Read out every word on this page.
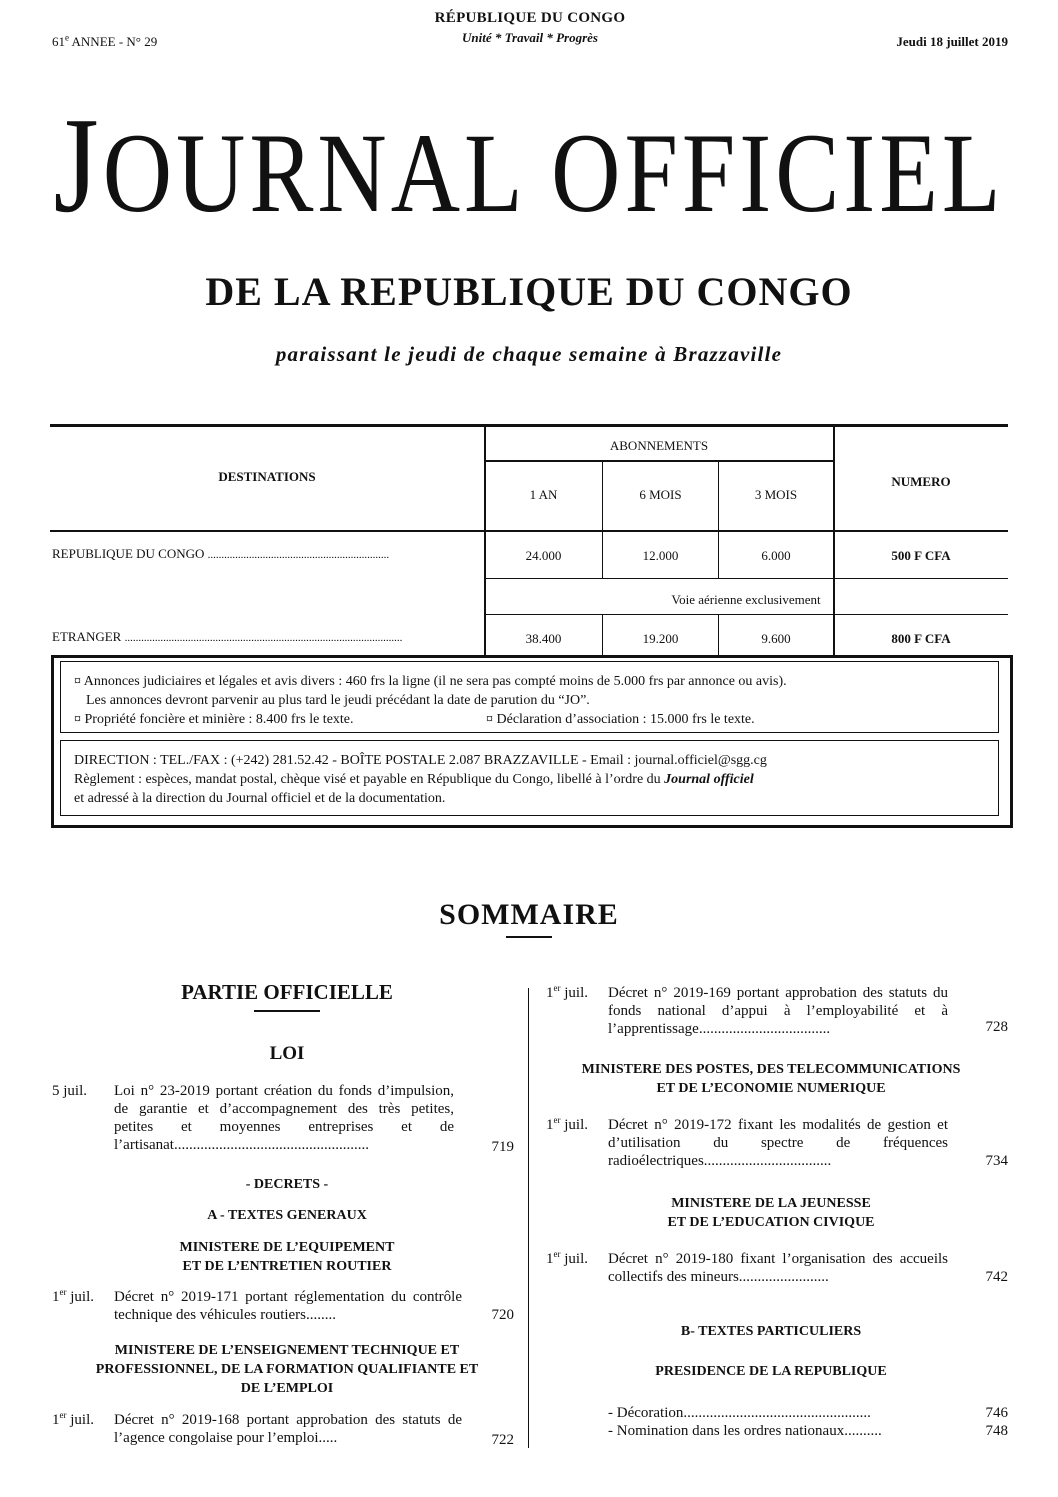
61e ANNEE - N° 29
RÉPUBLIQUE DU CONGO
Unité * Travail * Progrès	Jeudi 18 juillet 2019
JOURNAL OFFICIEL
DE LA REPUBLIQUE DU CONGO
paraissant le jeudi de chaque semaine à Brazzaville
ABONNEMENTS
DESTINATIONS	NUMERO
1 AN	6 MOIS	3 MOIS
REPUBLIQUE DU CONGO ..................................................................	24.000	12.000	6.000	500 F CFA
Voie aérienne exclusivement
ETRANGER .....................................................................................................	38.400	19.200	9.600	800 F CFA
¤ Annonces judiciaires et légales et avis divers : 460 frs la ligne (il ne sera pas compté moins de 5.000 frs par annonce ou avis).
Les annonces devront parvenir au plus tard le jeudi précédant la date de parution du “JO”.
¤ Propriété foncière et minière : 8.400 frs le texte.	¤ Déclaration d’association : 15.000 frs le texte.
DIRECTION : TEL./FAX : (+242) 281.52.42 - BOÎTE POSTALE 2.087 BRAZZAVILLE - Email : journal.officiel@sgg.cg
Règlement : espèces, mandat postal, chèque visé et payable en République du Congo, libellé à l’ordre du Journal officiel
et adressé à la direction du Journal officiel et de la documentation.
SOMMAIRE
PARTIE OFFICIELLE
LOI
5 juil. Loi n° 23-2019 portant création du fonds d’impulsion, de garantie et d’accompagnement des très petites, petites et moyennes entreprises et de l’artisanat....................................................	719
- DECRETS -
A - TEXTES GENERAUX
MINISTERE DE L’EQUIPEMENT
ET DE L’ENTRETIEN ROUTIER
1er juil. Décret n° 2019-171 portant réglementation du contrôle technique des véhicules routiers........	720
MINISTERE DE L’ENSEIGNEMENT TECHNIQUE ET
PROFESSIONNEL, DE LA FORMATION QUALIFIANTE ET
DE L’EMPLOI
1er juil. Décret n° 2019-168 portant approbation des statuts de l’agence congolaise pour l’emploi.....	722
1er juil. Décret n° 2019-169 portant approbation des statuts du fonds national d’appui à l’employabilité et à l’apprentissage...................................	728
MINISTERE DES POSTES, DES TELECOMMUNICATIONS
ET DE L’ECONOMIE NUMERIQUE
1er juil. Décret n° 2019-172 fixant les modalités de gestion et d’utilisation du spectre de fréquences radioélectriques..................................	734
MINISTERE DE LA JEUNESSE
ET DE L’EDUCATION CIVIQUE
1er juil. Décret n° 2019-180 fixant l’organisation des accueils collectifs des mineurs........................	742
B- TEXTES PARTICULIERS
PRESIDENCE DE LA REPUBLIQUE
- Décoration..................................................	746
- Nomination dans les ordres nationaux..........	748
